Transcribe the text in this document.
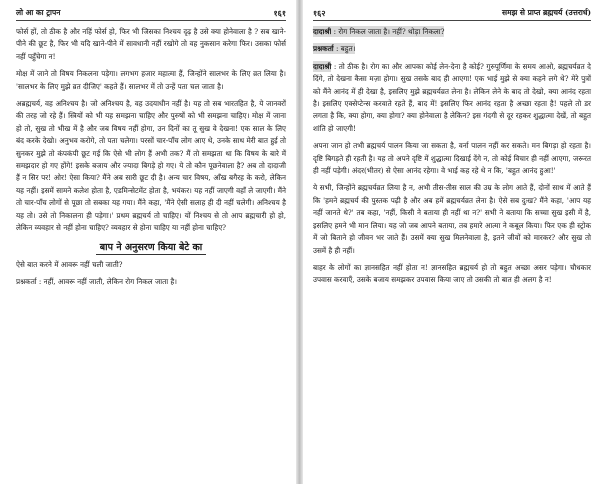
लो आ का ट्रापन	१६१

फोर्स हों, तो ठीक है और नहिं फोर्स हो, फिर भी जिसका निश्चय दृढ़ है उसे क्या होनेवाला है ? सब खाने-पीने की छूट है, फिर भी यदि खाने-पीने में सावधानी नहीं रखोगे तो वह नुकसान करेगा फिर। उसका फोर्स नहीं पहुँचेगा न!

मोक्ष में जाने तो विषय निकलना पड़ेगा। लगभग हजार महात्मा हैं, जिन्होंने सालभर के लिए व्रत लिया है। 'सालभर के लिए मुझे व्रत दीजिए' कहते हैं। सालभर में तो उन्हें पता चल जाता है।

अब्रह्मचर्य, वह अनिश्चय है। जो अनिश्चय है, वह उदयाधीन नहीं है। यह तो सब भारतहित है, ये जानवरों की तरह जो रहे हैं। स्त्रियों को भी यह समझना चाहिए और पुरुषों को भी समझना चाहिए। मोक्ष में जाना हो तो, सुख तो भीख में है और जब विषय नहीं होगा, उन दिनों का तू सुख वे देखना! एक साल के लिए बंद करके देखो। अनुभव करोगे, तो पता चलेगा। परसों चार-पाँच लोग आए थे, उनके साथ मेरी बात हुई तो सुनकर मुझे तो कंपकंपी छूट गई कि ऐसे भी लोग हैं अभी तक? मैं तो समझता था कि विषय के बारे में समझदार हो गए होंगे! इसके बजाय और ज्यादा बिगड़े हो गए। ये तो कौन पूछनेवाला है? अब तो दादाजी हैं न सिर पर! ओर! ऐसा किया? मैंने अब सारी छूट दी है। अन्य चार विषय, आँख बगैरह के करो, लेकिन यह नहीं। इसमें सामने कलेश होता है, एडमिन्सेटमेंट होता है, भयंकर। यह नहीं जाएगी वहाँ ले जाएगी। मैंने तो चार-पाँच लोगों से पूछा तो सबका यह गया। मैंने कहा, 'मैंने ऐसी सलाह ही दी नहीं चलेगी। अनिश्चय है यह तो। उसे तो निकालना ही पड़ेगा।' प्रथम ब्रह्मचर्य तो चाहिए। यों निश्चय से तो आप ब्रह्मचारी हो हो, लेकिन व्यवहार से नहीं होना चाहिए? व्यवहार से होना चाहिए या नहीं होना चाहिए?

बाप ने अनुसरण किया बेटे का

ऐसे बात करने में आवरू नहीं चली जाती?

प्रश्नकर्ता : नहीं, आवरू नहीं जाती, लेकिन रोग निकल जाता है।

१६२	समझ से प्राप्त ब्रह्मचर्य (उत्तरार्ध)
दादाश्री : रोग निकल जाता है। नहीं? थोड़ा निकला?
प्रश्नकर्ता : बहुत।
दादाश्री : तो ठीक है। रोग का और आपका कोई लेन-देना है कोई? गुरुपूर्णिमा के समय आओ, ब्रह्मचर्यव्रत दे दिंगे, तो देखना कैसा मज़ा होगा। सुख तसके बाद ही आएगा! एक भाई मुझे से क्या कहने लगे थे? मेरे पुत्रों को मैंने आनंद में ही देखा है, इसलिए मुझे ब्रह्मचर्यव्रत लेना है। लेकिन लेने के बाद तो देखो, क्या आनंद रहता है। इसलिए एक्सेप्टेन्स करवाते रहते हैं, बाद में! इसलिए फिर आनंद रहता है अच्छा रहता है! पहले तो डर लगता है कि, क्या होगा, क्या होगा? क्या होनेवाला है लेकिन? इस गंदगी से दूर रहकर शुद्धात्मा देखें, तो बहुत शांति हो जाएगी!

अपना जान हो तभी ब्रह्मचर्य पालन किया जा सकता है, वर्ना पालन नहीं कर सकते। मन बिगड़ा हो रहता है। दृष्टि बिगड़ते ही रहती है। यह तो अपने दृष्टि में शुद्धात्मा दिखाई देंगे न, तो कोई विचार ही नहीं आएगा, जरूरत ही नहीं पड़ेगी। अंदर(भीतर) से ऐसा आनंद रहेगा। वे भाई कह रहे थे न कि, 'बहुत आनंद हुआ!'

ये सभी, जिन्होंने ब्रह्मचर्यव्रत लिया है न, अभी तीस-तीस साल की उम्र के लोग आते हैं, दोनों साथ में आते हैं कि 'हमने ब्रह्मचर्य की पुस्तक पढ़ी है और अब हमें ब्रह्मचर्यव्रत लेना है। ऐसे सब दुःख? मैंने कहा, 'आप यह नहीं जानते थे?' तब कहा, 'नहीं, किसी ने बताया ही नहीं था न?' सभी ने बताया कि सच्चा सुख इसी में है, इसलिए हमने भी मान लिया। यह जो जब आपने बताया, तब हमारे आत्मा ने कबूल किया। फिर एक ही स्ट्रोक में जो बिताने हो जीवन भर जाते हैं। उसमें क्या सुख मिलनेवाला है, इतने जीवों को मारकर? और सुख तो उसमें है ही नहीं।

बाहर के लोगों का ज्ञानसहित नहीं होता न! ज्ञानसहित ब्रह्मचर्य हो तो बहुत अच्छा असर पड़ेगा। चौधकार उपवास करवाएँ, उसके बजाय समझकर उपवास किया जाए तो उसकी तो बात ही अलग है न!
